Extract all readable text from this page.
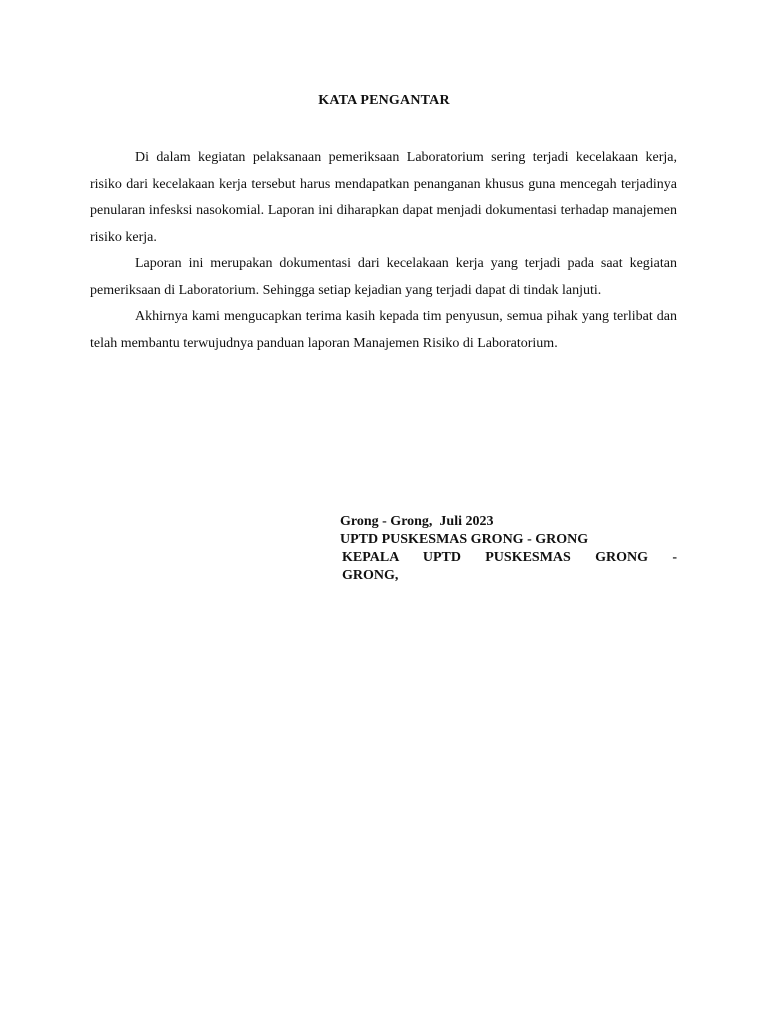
KATA PENGANTAR

Di dalam kegiatan pelaksanaan pemeriksaan Laboratorium sering terjadi kecelakaan kerja, risiko dari kecelakaan kerja tersebut harus mendapatkan penanganan khusus guna mencegah terjadinya penularan infesksi nasokomial. Laporan ini diharapkan dapat menjadi dokumentasi terhadap manajemen risiko kerja.

Laporan ini merupakan dokumentasi dari kecelakaan kerja yang terjadi pada saat kegiatan pemeriksaan di Laboratorium. Sehingga setiap kejadian yang terjadi dapat di tindak lanjuti.

Akhirnya kami mengucapkan terima kasih kepada tim penyusun, semua pihak yang terlibat dan telah membantu terwujudnya panduan laporan Manajemen Risiko di Laboratorium.

Grong - Grong,  Juli 2023
UPTD PUSKESMAS GRONG - GRONG
KEPALA UPTD PUSKESMAS GRONG -
GRONG,
